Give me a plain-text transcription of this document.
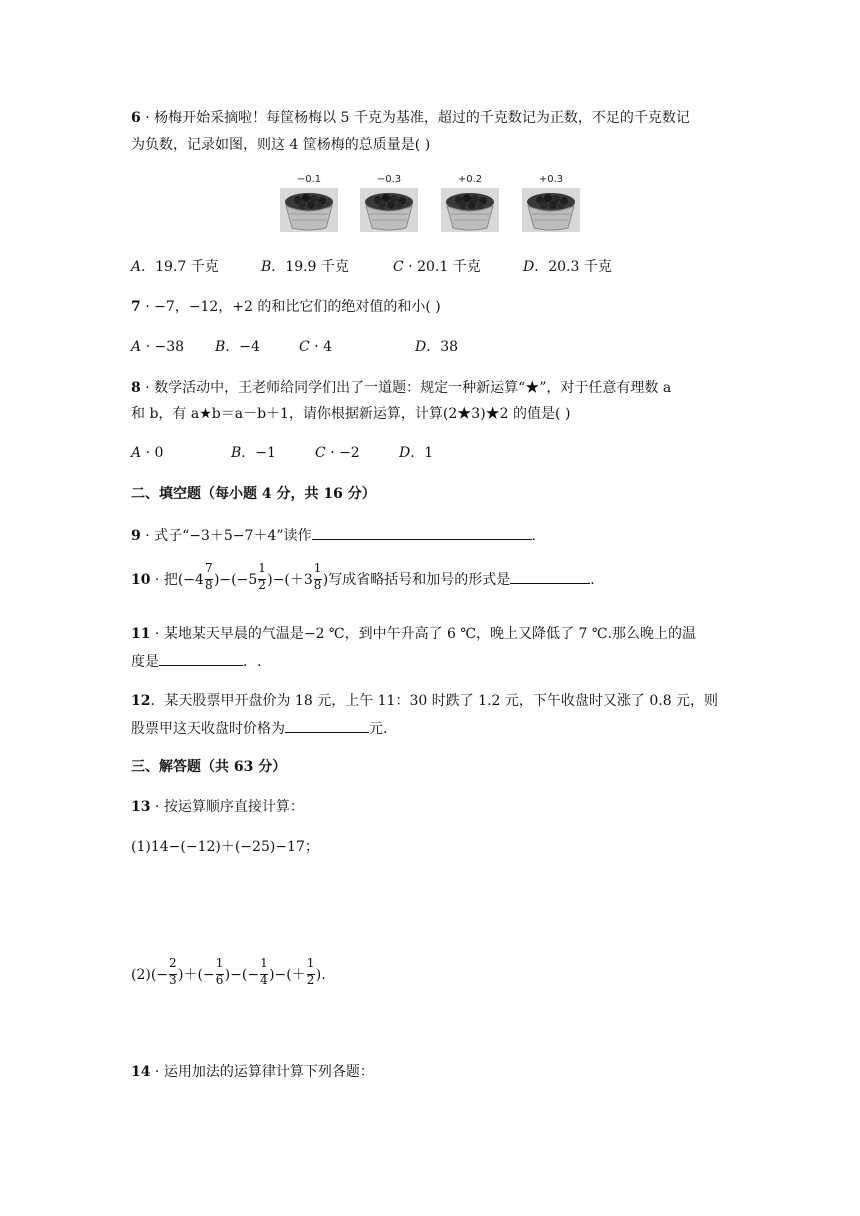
6 · 杨梅开始采摘啦！每筐杨梅以 5 千克为基准，超过的千克数记为正数，不足的千克数记
为负数，记录如图，则这 4 筐杨梅的总质量是( )
−0.1	−0.3	+0.2	+0.3
A．19.7 千克	B．19.9 千克	C · 20.1 千克	D．20.3 千克
7 · −7，−12，+2 的和比它们的绝对值的和小( )
A · −38 B．−4	C · 4	D．38
8 · 数学活动中，王老师给同学们出了一道题：规定一种新运算“★”，对于任意有理数 a
和 b，有 a★b＝a－b＋1，请你根据新运算，计算(2★3)★2 的值是( )
A · 0	B．−1	C · −2	D．1
二、填空题（每小题 4 分，共 16 分）
9 · 式子“−3＋5−7＋4”读作	.
10 · 把$(-4 \frac{7}{8} )-(-5 \frac{1}{2} )-(+3 \frac{1}{8}$ )写成省略括号和加号的形式是	.
11 · 某地某天早晨的气温是−2 ℃，到中午升高了 6 ℃，晚上又降低了 7 ℃.那么晚上的温
度是	．.
12．某天股票甲开盘价为 18 元，上午 11：30 时跌了 1.2 元，下午收盘时又涨了 0.8 元，则
股票甲这天收盘时价格为	元.
三、解答题（共 63 分）
13 · 按运算顺序直接计算：
(1)14−(−12)＋(−25)−17；
$(2)(- \frac{2}{3}$ )＋(− $\frac{1}{6}$ )−(− $\frac{1}{4}$ )−(＋ $\frac{1}{2}$ ).
14 · 运用加法的运算律计算下列各题：
